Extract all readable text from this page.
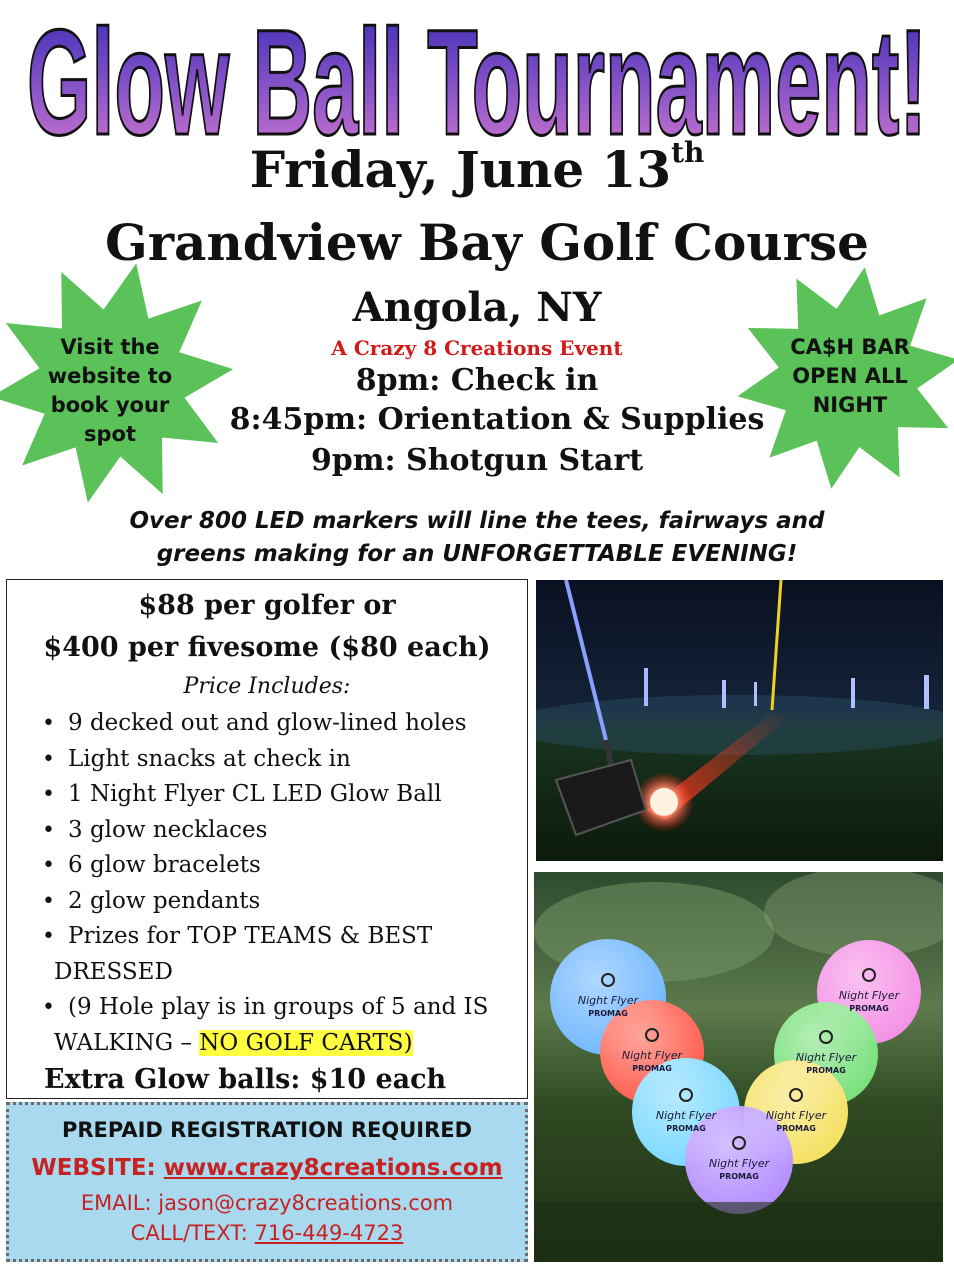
Glow Ball Tournament!
Friday, June 13th
Grandview Bay Golf Course
Angola, NY
A Crazy 8 Creations Event
8pm: Check in
8:45pm: Orientation & Supplies
9pm: Shotgun Start
Visit the
website to
book your
spot
CA$H BAR
OPEN ALL
NIGHT
Over 800 LED markers will line the tees, fairways and
greens making for an UNFORGETTABLE EVENING!
$88 per golfer or
$400 per fivesome ($80 each)
Price Includes:
• 9 decked out and glow-lined holes
• Light snacks at check in
• 1 Night Flyer CL LED Glow Ball
• 3 glow necklaces
• 6 glow bracelets
• 2 glow pendants
• Prizes for TOP TEAMS & BEST
DRESSED
• (9 Hole play is in groups of 5 and IS
WALKING – NO GOLF CARTS)
Extra Glow balls: $10 each
PREPAID REGISTRATION REQUIRED
WEBSITE: www.crazy8creations.com
EMAIL: jason@crazy8creations.com
CALL/TEXT: 716-449-4723
Night Flyer	Night Flyer
Night Flyer	Night Flyer
Night Flyer	Night Flyer
Night Flyer
PROMAG
PROMAG
PROMAG	PROMAG
PROMAG	PROMAG
PROMAG
